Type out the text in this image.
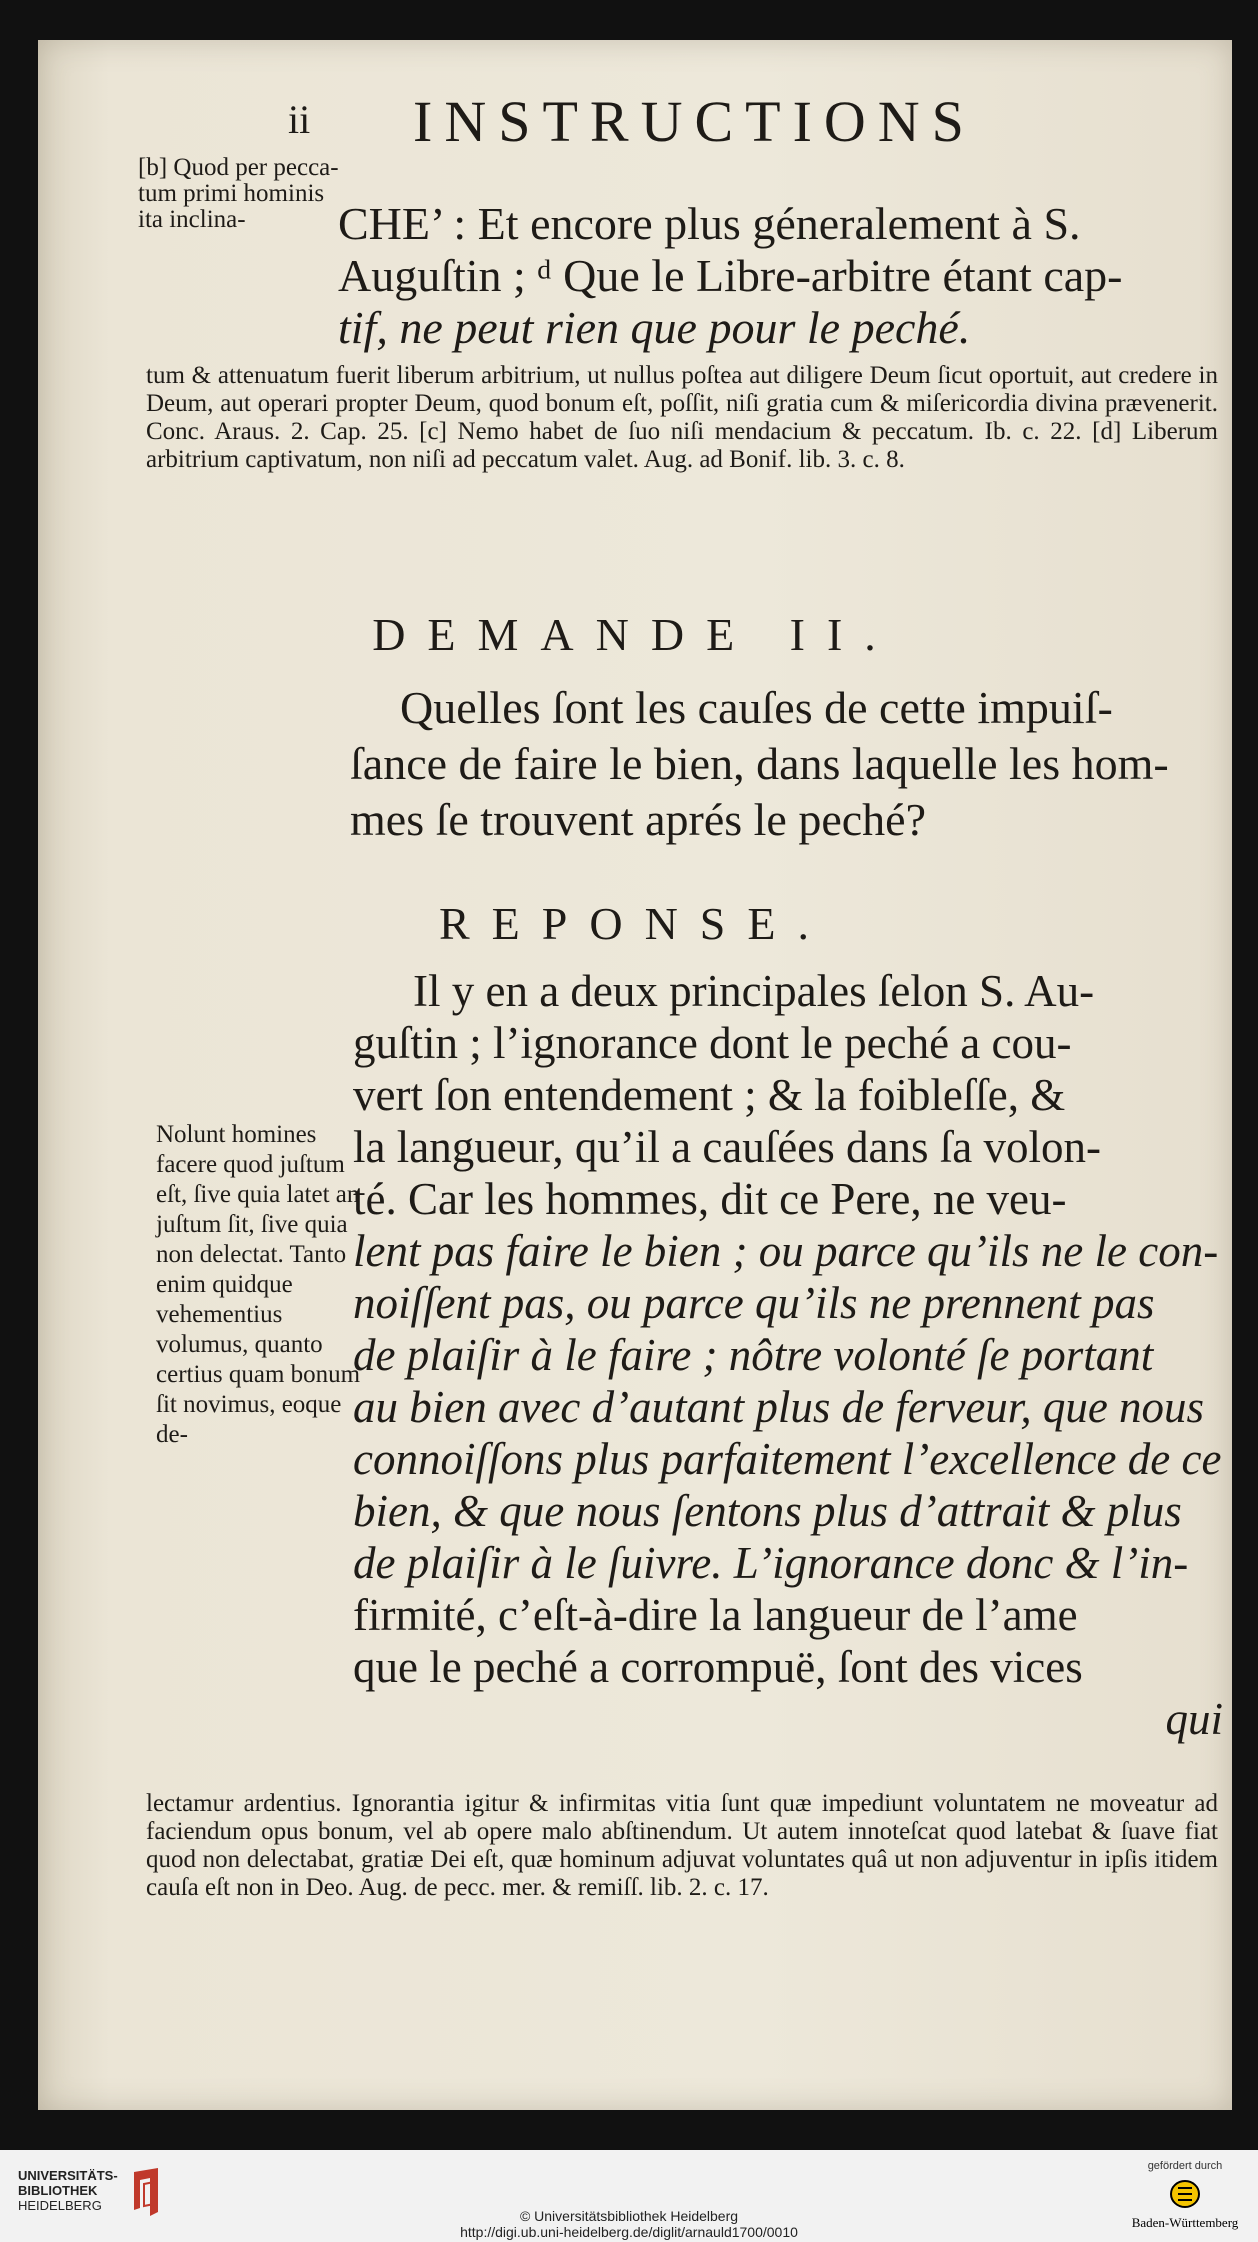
ii INSTRUCTIONS
[b] Quod per pecca- tum primi hominis ita inclina-	CHE’ : Et encore plus géneralement à S.
Auguſtin ; ᵈ Que le Libre-arbitre étant cap-
tif, ne peut rien que pour le peché.
tum & attenuatum fuerit liberum arbitrium, ut nullus poſtea aut diligere Deum ſicut oportuit, aut credere in Deum, aut operari propter Deum, quod bonum eſt, poſſit, niſi gratia cum & miſericordia divina prævenerit. Conc. Araus. 2. Cap. 25. [c] Nemo habet de ſuo niſi mendacium & peccatum. Ib. c. 22. [d] Liberum arbitrium captivatum, non niſi ad peccatum valet. Aug. ad Bonif. lib. 3. c. 8.
DEMANDE II.
Quelles ſont les cauſes de cette impuiſ-
ſance de faire le bien, dans laquelle les hom-
mes ſe trouvent aprés le peché?
REPONSE.
Il y en a deux principales ſelon S. Au-
guſtin ; l’ignorance dont le peché a cou-
vert ſon entendement ; & la foibleſſe, &
la langueur, qu’il a cauſées dans ſa volon-
té. Car les hommes, dit ce Pere, ne veu-
lent pas faire le bien ; ou parce qu’ils ne le con-
noiſſent pas, ou parce qu’ils ne prennent pas
de plaiſir à le faire ; nôtre volonté ſe portant
au bien avec d’autant plus de ferveur, que nous
connoiſſons plus parfaitement l’excellence de ce
bien, & que nous ſentons plus d’attrait & plus
de plaiſir à le ſuivre. L’ignorance donc & l’in-
firmité, c’eſt-à-dire la langueur de l’ame
que le peché a corrompuë, ſont des vices
qui
Nolunt homines facere quod juſtum eſt, ſive quia latet an juſtum ſit, ſive quia non delectat. Tanto enim quidque vehementius volumus, quanto certius quam bonum ſit novimus, eoque de-
lectamur ardentius. Ignorantia igitur & infirmitas vitia ſunt quæ impediunt voluntatem ne moveatur ad faciendum opus bonum, vel ab opere malo abſtinendum. Ut autem innoteſcat quod latebat & ſuave fiat quod non delectabat, gratiæ Dei eſt, quæ hominum adjuvat voluntates quâ ut non adjuventur in ipſis itidem cauſa eſt non in Deo. Aug. de pecc. mer. & remiſſ. lib. 2. c. 17.
UNIVERSITÄTS-
BIBLIOTHEK
HEIDELBERG
© Universitätsbibliothek Heidelberg
http://digi.ub.uni-heidelberg.de/diglit/arnauld1700/0010
gefördert durch
Baden-Württemberg
